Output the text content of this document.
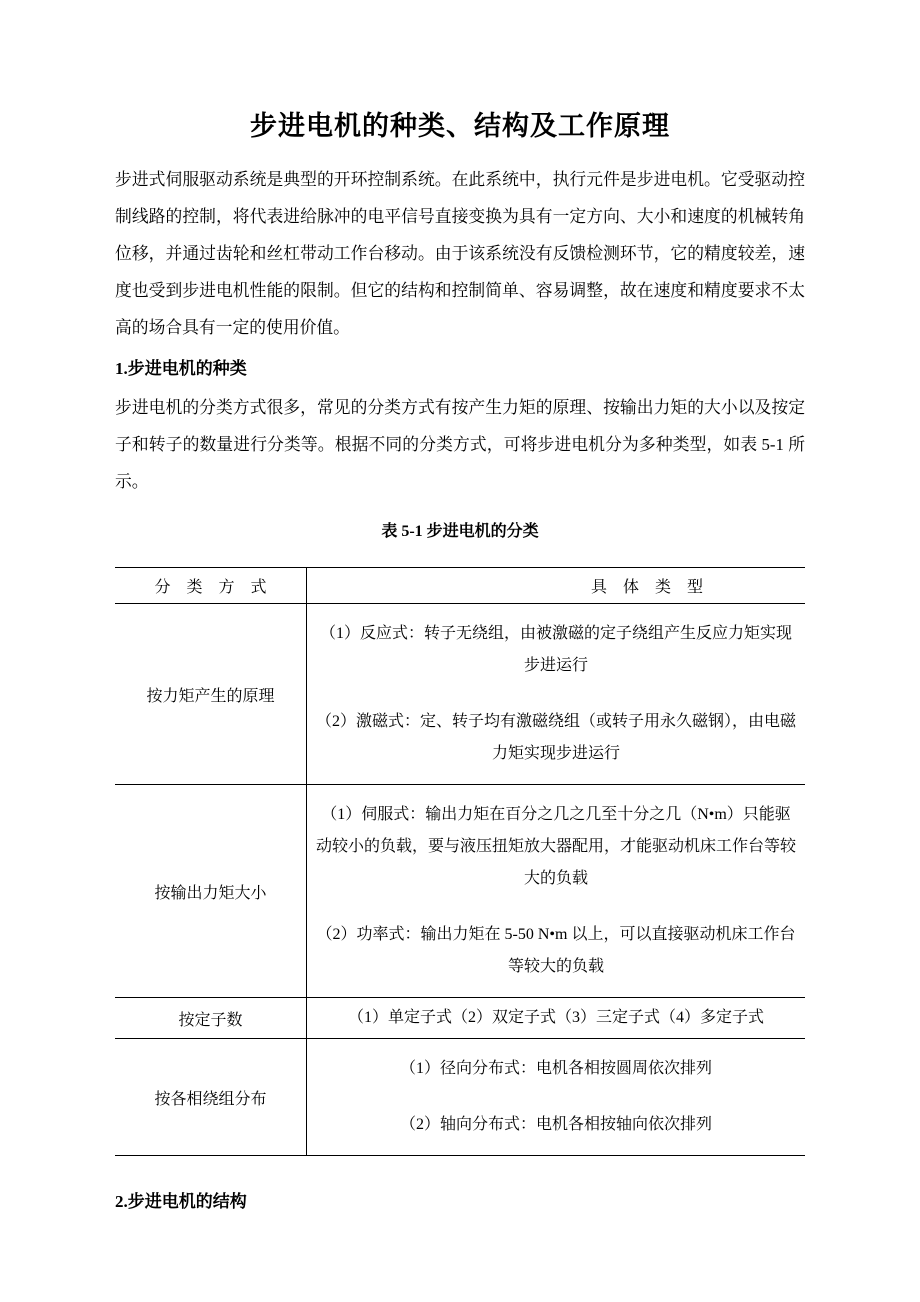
步进电机的种类、结构及工作原理

步进式伺服驱动系统是典型的开环控制系统。在此系统中，执行元件是步进电机。它受驱动控制线路的控制，将代表进给脉冲的电平信号直接变换为具有一定方向、大小和速度的机械转角位移，并通过齿轮和丝杠带动工作台移动。由于该系统没有反馈检测环节，它的精度较差，速度也受到步进电机性能的限制。但它的结构和控制简单、容易调整，故在速度和精度要求不太高的场合具有一定的使用价值。

1.步进电机的种类

步进电机的分类方式很多，常见的分类方式有按产生力矩的原理、按输出力矩的大小以及按定子和转子的数量进行分类等。根据不同的分类方式，可将步进电机分为多种类型，如表 5-1 所示。

表 5-1 步进电机的分类

分　类　方　式	具　体　类　型
按力矩产生的原理

（1）反应式：转子无绕组，由被激磁的定子绕组产生反应力矩实现步进运行

（2）激磁式：定、转子均有激磁绕组（或转子用永久磁钢），由电磁力矩实现步进运行

按输出力矩大小

（1）伺服式：输出力矩在百分之几之几至十分之几（N•m）只能驱动较小的负载，要与液压扭矩放大器配用，才能驱动机床工作台等较大的负载

（2）功率式：输出力矩在 5-50 N•m 以上，可以直接驱动机床工作台等较大的负载

按定子数	（1）单定子式（2）双定子式（3）三定子式（4）多定子式

按各相绕组分布

（1）径向分布式：电机各相按圆周依次排列

（2）轴向分布式：电机各相按轴向依次排列

2.步进电机的结构
